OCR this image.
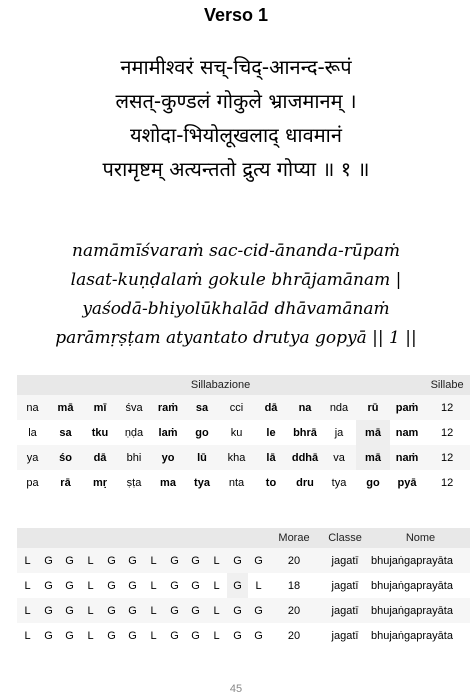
Verso 1
नमामीश्वरं सच्-चिद्-आनन्द-रूपं
लसत्-कुण्डलं गोकुले भ्राजमानम् ।
यशोदा-भियोलूखलाद् धावमानं
परामृष्टम् अत्यन्ततो द्रुत्य गोप्या ॥ १ ॥
namāmīśvaraṁ sac-cid-ānanda-rūpaṁ
lasat-kuṇḍalaṁ gokule bhrājamānam |
yaśodā-bhiyolūkhalād dhāvamānaṁ
parāmṛṣṭam atyantato drutya gopyā || 1 ||
Sillabazione												Sillabe
na	mā	mī	śva	raṁ	sa	cci	dā	na	nda	rū	paṁ	12
la	sa	tku	ṇḍa	laṁ	go	ku	le	bhrā	ja	mā	nam	12
ya	śo	dā	bhi	yo	lū	kha	lā	ddhā	va	mā	naṁ	12
pa	rā	mṛ	ṣṭa	ma	tya	nta	to	dru	tya	go	pyā	12
												Morae	Classe	Nome
L	G	G	L	G	G	L	G	G	L	G	G	20	jagatī	bhujaṅgaprayāta
L	G	G	L	G	G	L	G	G	L	G	L	18	jagatī	bhujaṅgaprayāta
L	G	G	L	G	G	L	G	G	L	G	G	20	jagatī	bhujaṅgaprayāta
L	G	G	L	G	G	L	G	G	L	G	G	20	jagatī	bhujaṅgaprayāta
45
